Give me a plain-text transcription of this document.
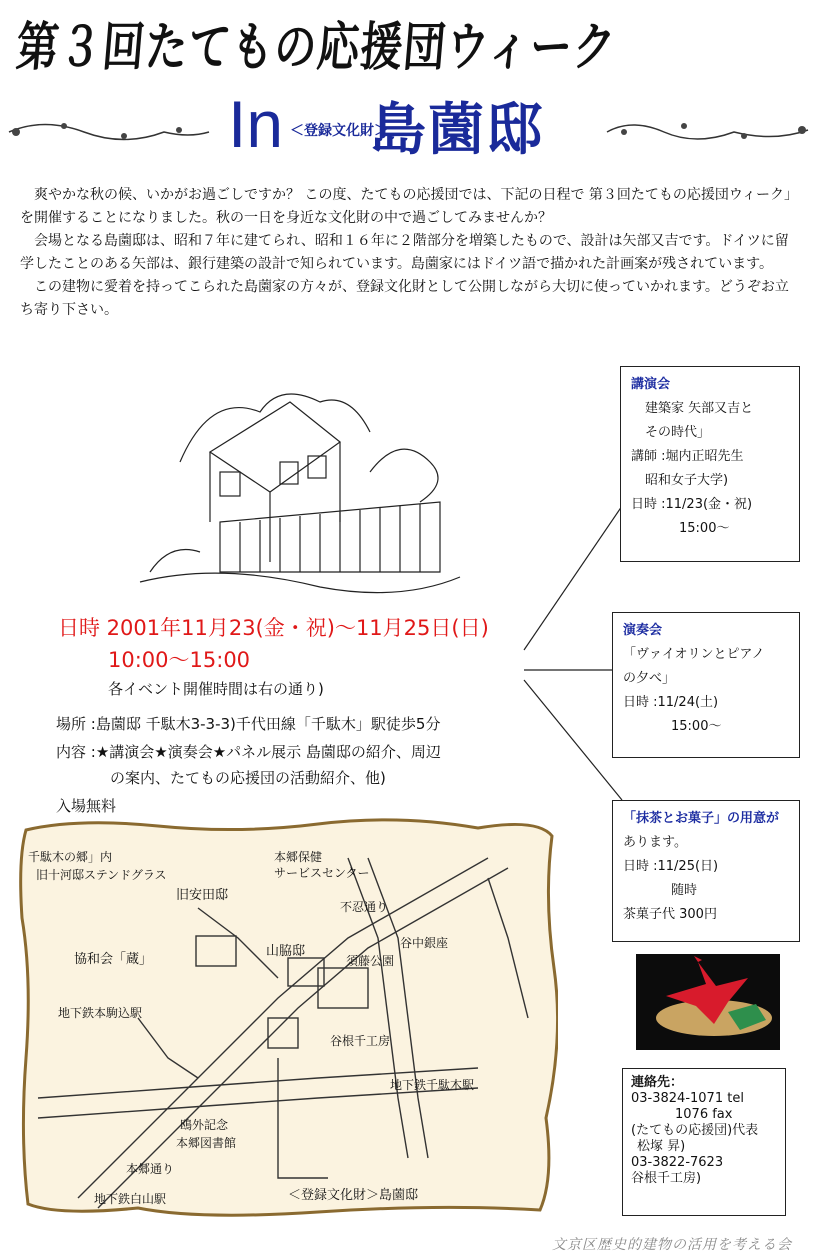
第３回たてもの応援団ウィーク
In ＜登録文化財＞
島薗邸

爽やかな秋の候、いかがお過ごしですか？ この度、たてもの応援団では、下記の日程で 第３回たてもの応援団ウィーク」を開催することになりました。秋の一日を身近な文化財の中で過ごしてみませんか？

会場となる島薗邸は、昭和７年に建てられ、昭和１６年に２階部分を増築したもので、設計は矢部又吉です。ドイツに留学したことのある矢部は、銀行建築の設計で知られています。島薗家にはドイツ語で描かれた計画案が残されています。

この建物に愛着を持ってこられた島薗家の方々が、登録文化財として公開しながら大切に使っていかれます。どうぞお立ち寄り下さい。

日時 2001年11月23(金・祝)〜11月25日(日)
10:00〜15:00
各イベント開催時間は右の通り)
場所 :島薗邸 千駄木3-3-3)千代田線「千駄木」駅徒歩5分
内容 :★講演会★演奏会★パネル展示 島薗邸の紹介、周辺
の案内、たてもの応援団の活動紹介、他)
入場無料
講演会
建築家 矢部又吉と
その時代」
講師 :堀内正昭先生
昭和女子大学)
日時 :11/23(金・祝)
15:00〜
演奏会
「ヴァイオリンとピアノ
の夕べ」
日時 :11/24(土)
15:00〜
「抹茶とお菓子」の用意が
あります。
日時 :11/25(日)
随時
茶菓子代 300円
千駄木の郷」内
旧十河邸ステンドグラス
旧安田邸
本郷保健
サービスセンター
不忍通り
協和会「蔵」
山脇邸
須藤公園
谷中銀座
地下鉄本駒込駅
谷根千工房
地下鉄千駄木駅
鴎外記念
本郷図書館
本郷通り
地下鉄白山駅	＜登録文化財＞島薗邸
連絡先：
03-3824-1071 tel
1076 fax
(たてもの応援団)代表
松塚 昇)
03-3822-7623
谷根千工房)
文京区歴史的建物の活用を考える会
